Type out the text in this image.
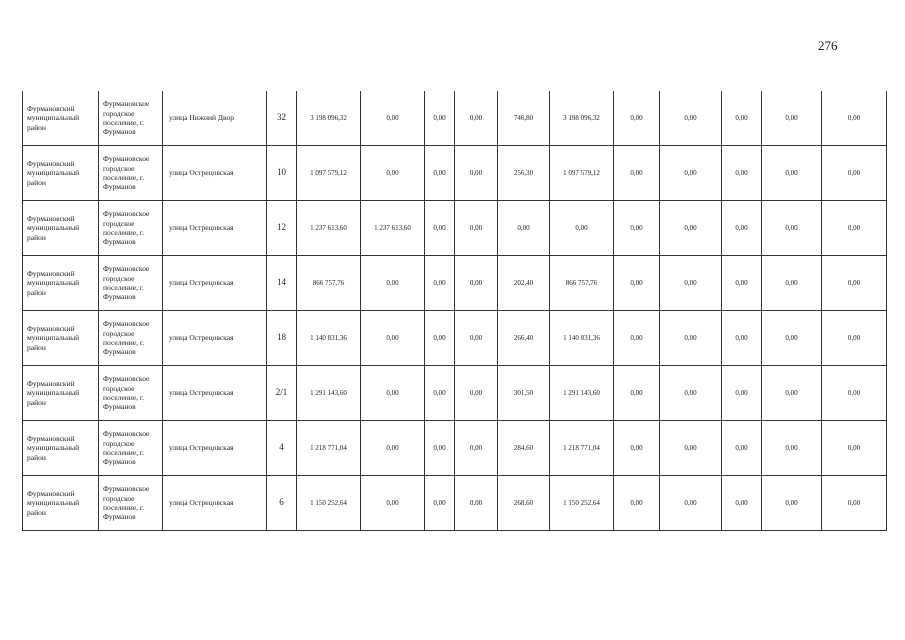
276
Фурмановский муниципальный район	Фурмановское городское поселение, г. Фурманов	улица Нижний Двор	32	3 198 096,32	0,00	0,00	0,00	746,80	3 198 096,32	0,00	0,00	0,00	0,00	0,00
Фурмановский муниципальный район	Фурмановское городское поселение, г. Фурманов	улица Острецовская	10	1 097 579,12	0,00	0,00	0,00	256,30	1 097 579,12	0,00	0,00	0,00	0,00	0,00
Фурмановский муниципальный район	Фурмановское городское поселение, г. Фурманов	улица Острецовская	12	1 237 613,60	1 237 613,60	0,00	0,00	0,00	0,00	0,00	0,00	0,00	0,00	0,00
Фурмановский муниципальный район	Фурмановское городское поселение, г. Фурманов	улица Острецовская	14	866 757,76	0,00	0,00	0,00	202,40	866 757,76	0,00	0,00	0,00	0,00	0,00
Фурмановский муниципальный район	Фурмановское городское поселение, г. Фурманов	улица Острецовская	18	1 140 831,36	0,00	0,00	0,00	266,40	1 140 831,36	0,00	0,00	0,00	0,00	0,00
Фурмановский муниципальный район	Фурмановское городское поселение, г. Фурманов	улица Острецовская	2/1	1 291 143,60	0,00	0,00	0,00	301,50	1 291 143,60	0,00	0,00	0,00	0,00	0,00
Фурмановский муниципальный район	Фурмановское городское поселение, г. Фурманов	улица Острецовская	4	1 218 771,04	0,00	0,00	0,00	284,60	1 218 771,04	0,00	0,00	0,00	0,00	0,00
Фурмановский муниципальный район	Фурмановское городское поселение, г. Фурманов	улица Острецовская	6	1 150 252,64	0,00	0,00	0,00	268,60	1 150 252,64	0,00	0,00	0,00	0,00	0,00
